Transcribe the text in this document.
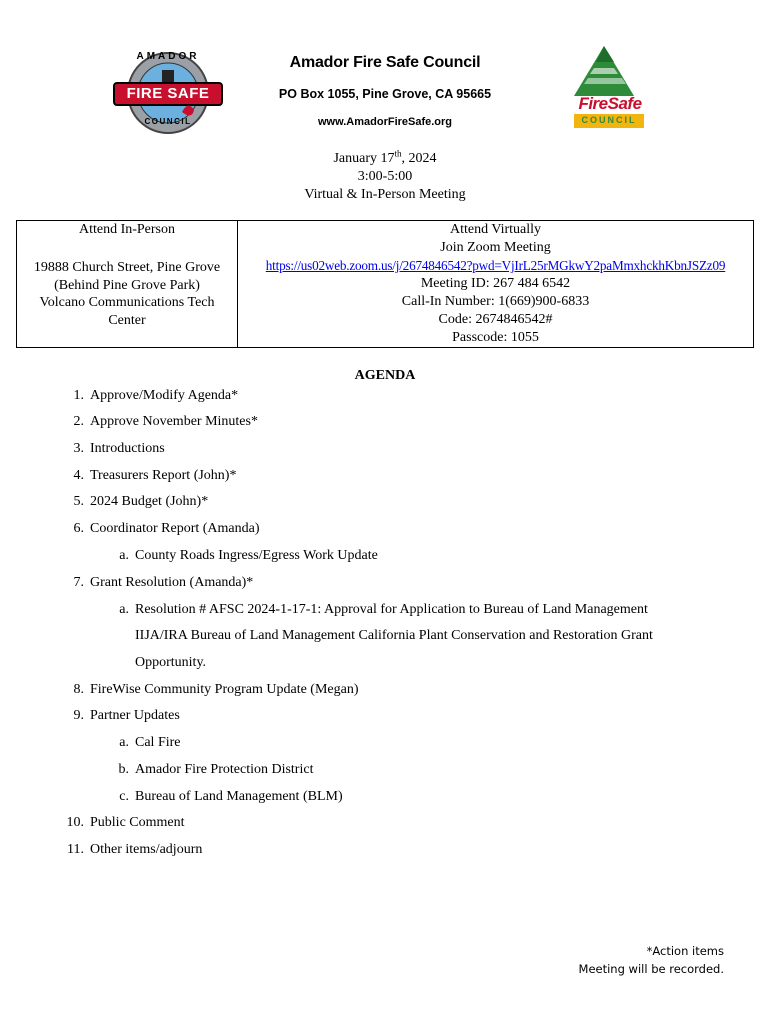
AMADOR
FIRE SAFE
COUNCIL
FireSafe
COUNCIL
Amador Fire Safe Council
PO Box 1055, Pine Grove, CA 95665
www.AmadorFireSafe.org
January 17th, 2024
3:00-5:00
Virtual & In-Person Meeting
Attend In-Person
19888 Church Street, Pine Grove
(Behind Pine Grove Park)
Volcano Communications Tech
Center

Attend Virtually
Join Zoom Meeting
https://us02web.zoom.us/j/2674846542?pwd=VjIrL25rMGkwY2paMmxhckhKbnJSZz09
Meeting ID: 267 484 6542
Call-In Number: 1(669)900-6833
Code: 2674846542#
Passcode: 1055
AGENDA
1. Approve/Modify Agenda*
2. Approve November Minutes*
3. Introductions
4. Treasurers Report (John)*
5. 2024 Budget (John)*
6. Coordinator Report (Amanda)
a. County Roads Ingress/Egress Work Update
7. Grant Resolution (Amanda)*
a. Resolution # AFSC 2024-1-17-1: Approval for Application to Bureau of Land Management
IIJA/IRA Bureau of Land Management California Plant Conservation and Restoration Grant
Opportunity.
8. FireWise Community Program Update (Megan)
9. Partner Updates
a. Cal Fire
b. Amador Fire Protection District
c. Bureau of Land Management (BLM)
10. Public Comment
11. Other items/adjourn
*Action items
Meeting will be recorded.
